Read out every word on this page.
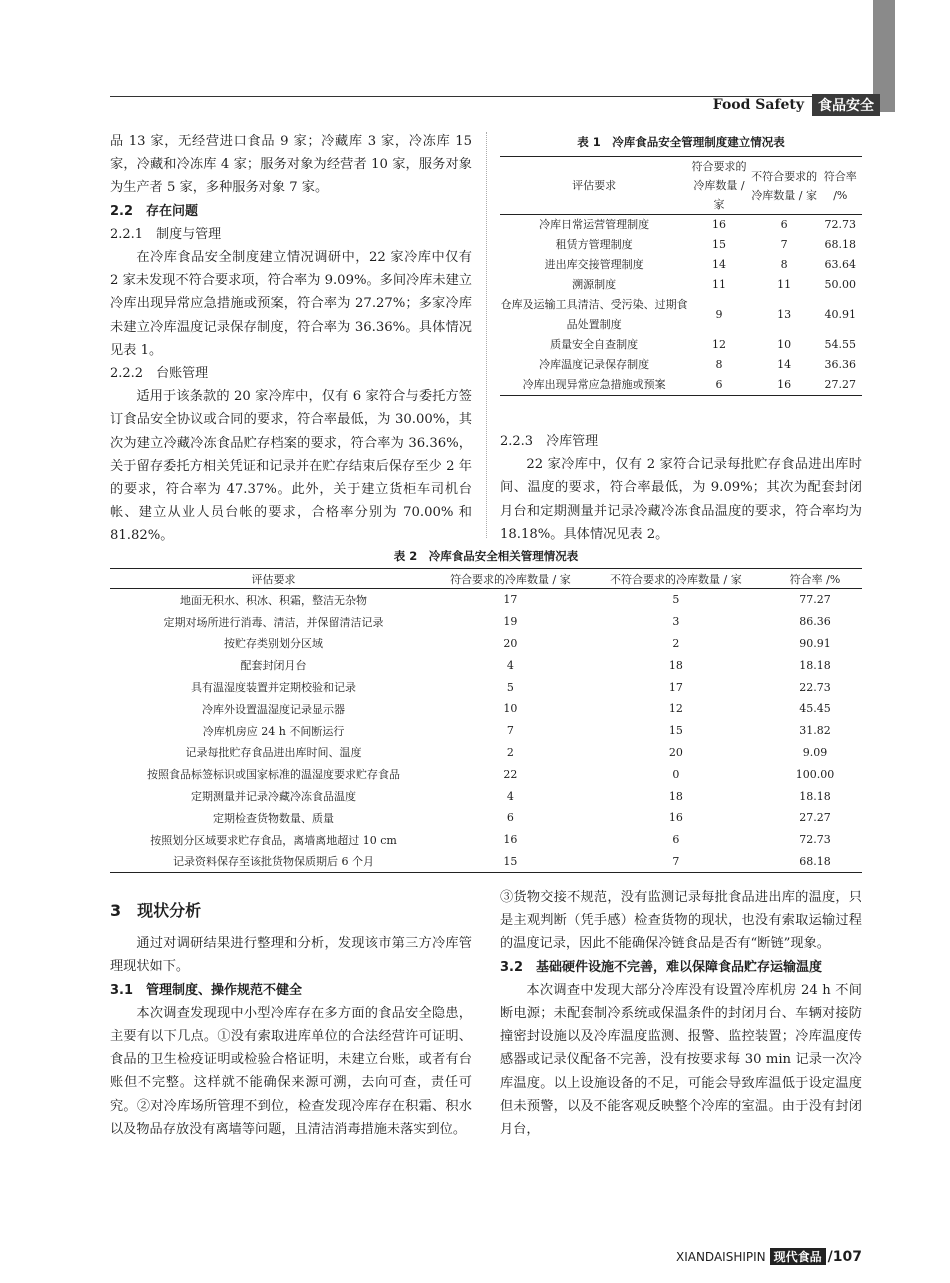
Food Safety	食品安全

品 13 家，无经营进口食品 9 家；冷藏库 3 家，冷冻库 15 家，冷藏和冷冻库 4 家；服务对象为经营者 10 家，服务对象为生产者 5 家，多种服务对象 7 家。

2.2　存在问题

2.2.1　制度与管理

在冷库食品安全制度建立情况调研中，22 家冷库中仅有 2 家未发现不符合要求项，符合率为 9.09%。多间冷库未建立冷库出现异常应急措施或预案，符合率为 27.27%；多家冷库未建立冷库温度记录保存制度，符合率为 36.36%。具体情况见表 1。

2.2.2　台账管理

适用于该条款的 20 家冷库中，仅有 6 家符合与委托方签订食品安全协议或合同的要求，符合率最低，为 30.00%，其次为建立冷藏冷冻食品贮存档案的要求，符合率为 36.36%，关于留存委托方相关凭证和记录并在贮存结束后保存至少 2 年的要求，符合率为 47.37%。此外，关于建立货柜车司机台帐、建立从业人员台帐的要求，合格率分别为 70.00% 和 81.82%。

表 1　冷库食品安全管理制度建立情况表
评估要求	符合要求的冷库数量 / 家	不符合要求的冷库数量 / 家	符合率 /%
冷库日常运营管理制度	16	6	72.73
租赁方管理制度	15	7	68.18
进出库交接管理制度	14	8	63.64
溯源制度	11	11	50.00
仓库及运输工具清洁、受污染、过期食品处置制度	9	13	40.91
质量安全自查制度	12	10	54.55
冷库温度记录保存制度	8	14	36.36
冷库出现异常应急措施或预案	6	16	27.27

2.2.3　冷库管理

22 家冷库中，仅有 2 家符合记录每批贮存食品进出库时间、温度的要求，符合率最低，为 9.09%；其次为配套封闭月台和定期测量并记录冷藏冷冻食品温度的要求，符合率均为 18.18%。具体情况见表 2。

表 2　冷库食品安全相关管理情况表
评估要求	符合要求的冷库数量 / 家	不符合要求的冷库数量 / 家	符合率 /%
地面无积水、积冰、积霜，整洁无杂物	17	5	77.27
定期对场所进行消毒、清洁，并保留清洁记录	19	3	86.36
按贮存类别划分区域	20	2	90.91
配套封闭月台	4	18	18.18
具有温湿度装置并定期校验和记录	5	17	22.73
冷库外设置温湿度记录显示器	10	12	45.45
冷库机房应 24 h 不间断运行	7	15	31.82
记录每批贮存食品进出库时间、温度	2	20	9.09
按照食品标签标识或国家标准的温湿度要求贮存食品	22	0	100.00
定期测量并记录冷藏冷冻食品温度	4	18	18.18
定期检查货物数量、质量	6	16	27.27
按照划分区域要求贮存食品，离墙离地超过 10 cm	16	6	72.73
记录资料保存至该批货物保质期后 6 个月	15	7	68.18

3　现状分析

通过对调研结果进行整理和分析，发现该市第三方冷库管理现状如下。

3.1　管理制度、操作规范不健全

本次调查发现现中小型冷库存在多方面的食品安全隐患，主要有以下几点。①没有索取进库单位的合法经营许可证明、食品的卫生检疫证明或检验合格证明，未建立台账，或者有台账但不完整。这样就不能确保来源可溯，去向可查，责任可究。②对冷库场所管理不到位，检查发现冷库存在积霜、积水以及物品存放没有离墙等问题，且清洁消毒措施未落实到位。

③货物交接不规范，没有监测记录每批食品进出库的温度，只是主观判断（凭手感）检查货物的现状，也没有索取运输过程的温度记录，因此不能确保冷链食品是否有“断链”现象。

3.2　基础硬件设施不完善，难以保障食品贮存运输温度

本次调查中发现大部分冷库没有设置冷库机房 24 h 不间断电源；未配套制冷系统或保温条件的封闭月台、车辆对接防撞密封设施以及冷库温度监测、报警、监控装置；冷库温度传感器或记录仪配备不完善，没有按要求每 30 min 记录一次冷库温度。以上设施设备的不足，可能会导致库温低于设定温度但未预警，以及不能客观反映整个冷库的室温。由于没有封闭月台，

XIANDAISHIPIN 现代食品 /107
